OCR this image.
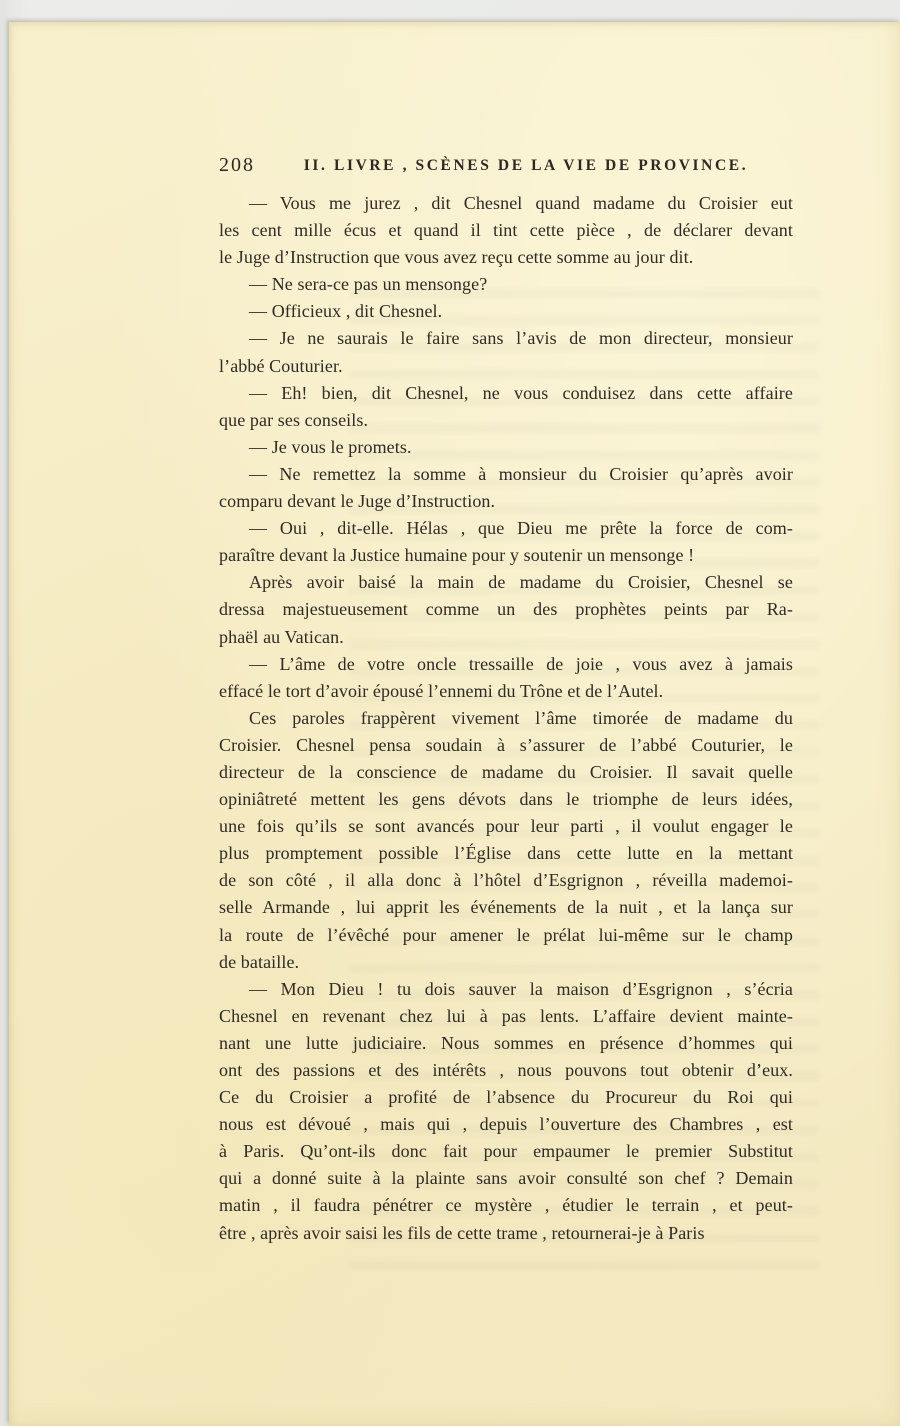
208	II. LIVRE , SCÈNES DE LA VIE DE PROVINCE.
— Vous me jurez , dit Chesnel quand madame du Croisier eut
les cent mille écus et quand il tint cette pièce , de déclarer devant
le Juge d’Instruction que vous avez reçu cette somme au jour dit.
— Ne sera-ce pas un mensonge?
— Officieux , dit Chesnel.
— Je ne saurais le faire sans l’avis de mon directeur, monsieur
l’abbé Couturier.
— Eh! bien, dit Chesnel, ne vous conduisez dans cette affaire
que par ses conseils.
— Je vous le promets.
— Ne remettez la somme à monsieur du Croisier qu’après avoir
comparu devant le Juge d’Instruction.
— Oui , dit-elle. Hélas , que Dieu me prête la force de com-
paraître devant la Justice humaine pour y soutenir un mensonge !
Après avoir baisé la main de madame du Croisier, Chesnel se
dressa majestueusement comme un des prophètes peints par Ra-
phaël au Vatican.
— L’âme de votre oncle tressaille de joie , vous avez à jamais
effacé le tort d’avoir épousé l’ennemi du Trône et de l’Autel.
Ces paroles frappèrent vivement l’âme timorée de madame du
Croisier. Chesnel pensa soudain à s’assurer de l’abbé Couturier, le
directeur de la conscience de madame du Croisier. Il savait quelle
opiniâtreté mettent les gens dévots dans le triomphe de leurs idées,
une fois qu’ils se sont avancés pour leur parti , il voulut engager le
plus promptement possible l’Église dans cette lutte en la mettant
de son côté , il alla donc à l’hôtel d’Esgrignon , réveilla mademoi-
selle Armande , lui apprit les événements de la nuit , et la lança sur
la route de l’évêché pour amener le prélat lui-même sur le champ
de bataille.
— Mon Dieu ! tu dois sauver la maison d’Esgrignon , s’écria
Chesnel en revenant chez lui à pas lents. L’affaire devient mainte-
nant une lutte judiciaire. Nous sommes en présence d’hommes qui
ont des passions et des intérêts , nous pouvons tout obtenir d’eux.
Ce du Croisier a profité de l’absence du Procureur du Roi qui
nous est dévoué , mais qui , depuis l’ouverture des Chambres , est
à Paris. Qu’ont-ils donc fait pour empaumer le premier Substitut
qui a donné suite à la plainte sans avoir consulté son chef ? Demain
matin , il faudra pénétrer ce mystère , étudier le terrain , et peut-
être , après avoir saisi les fils de cette trame , retournerai-je à Paris
